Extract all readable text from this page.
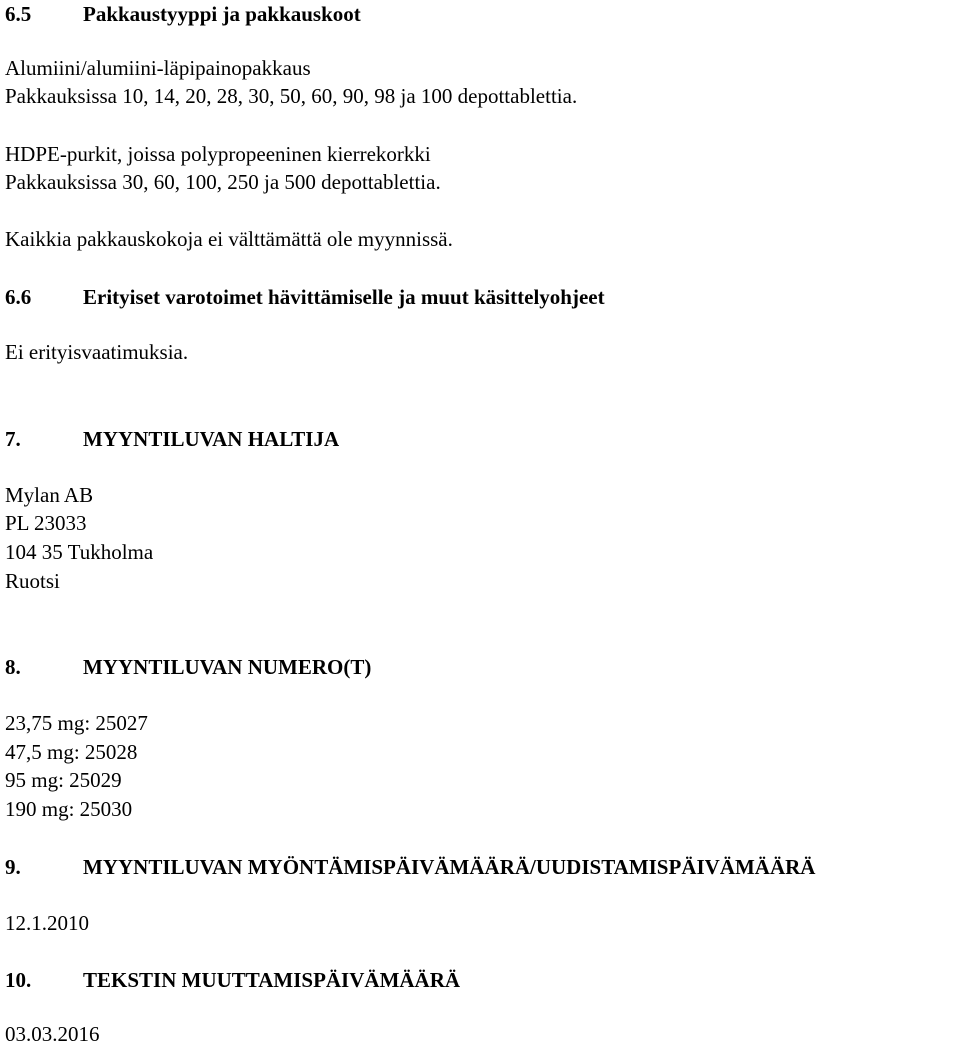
6.5 Pakkaustyyppi ja pakkauskoot
Alumiini/alumiini-läpipainopakkaus
Pakkauksissa 10, 14, 20, 28, 30, 50, 60, 90, 98 ja 100 depottablettia.
HDPE-purkit, joissa polypropeeninen kierrekorkki
Pakkauksissa 30, 60, 100, 250 ja 500 depottablettia.
Kaikkia pakkauskokoja ei välttämättä ole myynnissä.
6.6 Erityiset varotoimet hävittämiselle ja muut käsittelyohjeet
Ei erityisvaatimuksia.
7.	MYYNTILUVAN HALTIJA
Mylan AB
PL 23033
104 35 Tukholma
Ruotsi
8.	MYYNTILUVAN NUMERO(T)
23,75 mg: 25027
47,5 mg: 25028
95 mg: 25029
190 mg: 25030
9.	MYYNTILUVAN MYÖNTÄMISPÄIVÄMÄÄRÄ/UUDISTAMISPÄIVÄMÄÄRÄ
12.1.2010
10. TEKSTIN MUUTTAMISPÄIVÄMÄÄRÄ
03.03.2016
